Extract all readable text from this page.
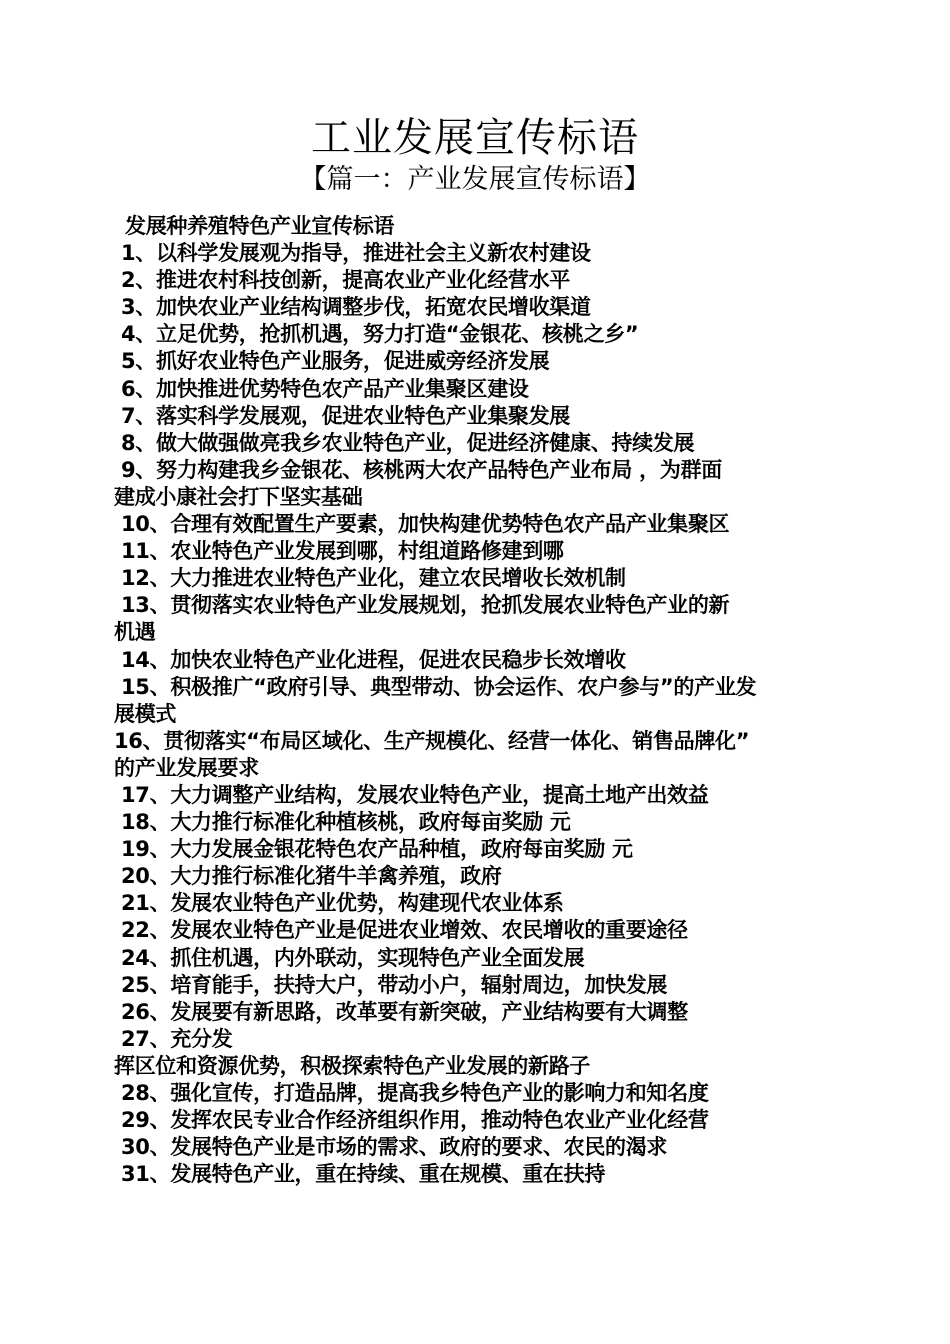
工业发展宣传标语
【篇一：产业发展宣传标语】
发展种养殖特色产业宣传标语
1、以科学发展观为指导，推进社会主义新农村建设
2、推进农村科技创新，提高农业产业化经营水平
3、加快农业产业结构调整步伐，拓宽农民增收渠道
4、立足优势，抢抓机遇，努力打造“金银花、核桃之乡”
5、抓好农业特色产业服务，促进威旁经济发展
6、加快推进优势特色农产品产业集聚区建设
7、落实科学发展观，促进农业特色产业集聚发展
8、做大做强做亮我乡农业特色产业，促进经济健康、持续发展
9、努力构建我乡金银花、核桃两大农产品特色产业布局 ，为群面
建成小康社会打下坚实基础
10、合理有效配置生产要素，加快构建优势特色农产品产业集聚区
11、农业特色产业发展到哪，村组道路修建到哪
12、大力推进农业特色产业化，建立农民增收长效机制
13、贯彻落实农业特色产业发展规划，抢抓发展农业特色产业的新
机遇
14、加快农业特色产业化进程，促进农民稳步长效增收
15、积极推广“政府引导、典型带动、协会运作、农户参与”的产业发
展模式
16、贯彻落实“布局区域化、生产规模化、经营一体化、销售品牌化”
的产业发展要求
17、大力调整产业结构，发展农业特色产业，提高土地产出效益
18、大力推行标准化种植核桃，政府每亩奖励 元
19、大力发展金银花特色农产品种植，政府每亩奖励 元
20、大力推行标准化猪牛羊禽养殖，政府
21、发展农业特色产业优势，构建现代农业体系
22、发展农业特色产业是促进农业增效、农民增收的重要途径
24、抓住机遇，内外联动，实现特色产业全面发展
25、培育能手，扶持大户，带动小户，辐射周边，加快发展
26、发展要有新思路，改革要有新突破，产业结构要有大调整
27、充分发
挥区位和资源优势，积极探索特色产业发展的新路子
28、强化宣传，打造品牌，提高我乡特色产业的影响力和知名度
29、发挥农民专业合作经济组织作用，推动特色农业产业化经营
30、发展特色产业是市场的需求、政府的要求、农民的渴求
31、发展特色产业，重在持续、重在规模、重在扶持
